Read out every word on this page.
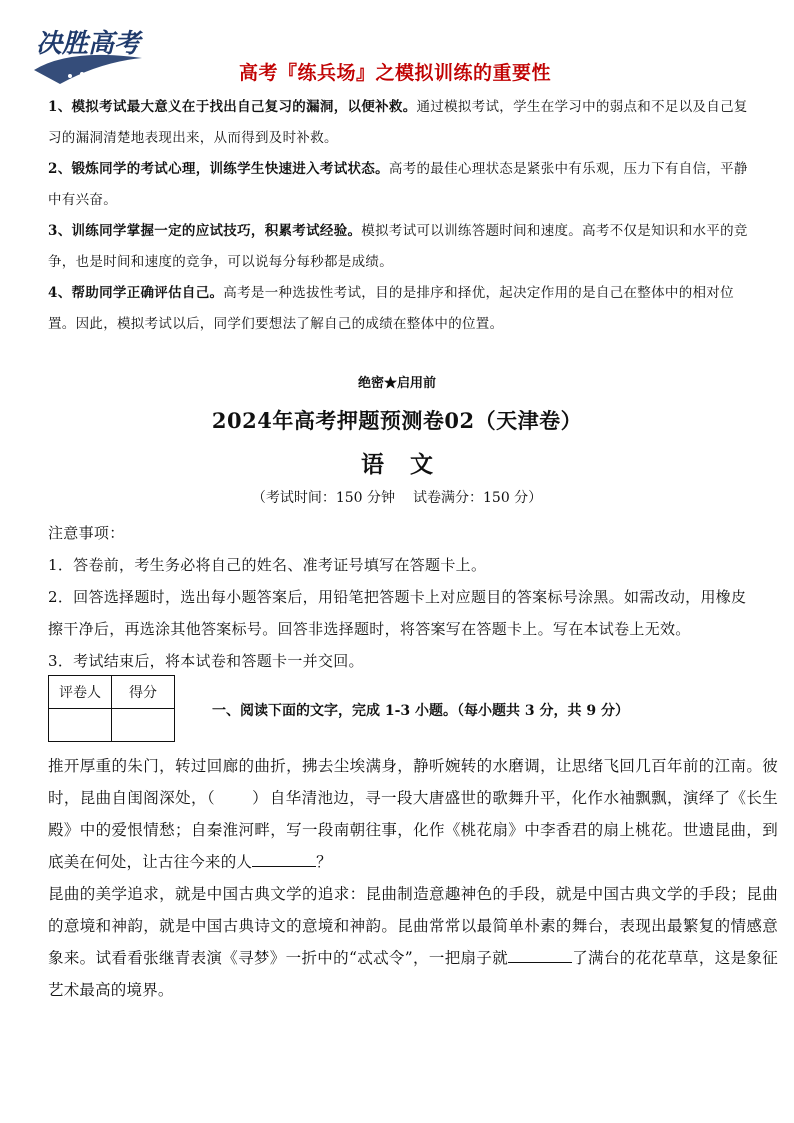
决胜高考
高考『练兵场』之模拟训练的重要性

1、模拟考试最大意义在于找出自己复习的漏洞，以便补救。通过模拟考试，学生在学习中的弱点和不足以及自己复习的漏洞清楚地表现出来，从而得到及时补救。

2、锻炼同学的考试心理，训练学生快速进入考试状态。高考的最佳心理状态是紧张中有乐观，压力下有自信，平静中有兴奋。

3、训练同学掌握一定的应试技巧，积累考试经验。模拟考试可以训练答题时间和速度。高考不仅是知识和水平的竞争，也是时间和速度的竞争，可以说每分每秒都是成绩。

4、帮助同学正确评估自己。高考是一种选拔性考试，目的是排序和择优，起决定作用的是自己在整体中的相对位置。因此，模拟考试以后，同学们要想法了解自己的成绩在整体中的位置。

绝密★启用前
2024年高考押题预测卷02（天津卷）
语 文
（考试时间：150 分钟 试卷满分：150 分）

注意事项：

1．答卷前，考生务必将自己的姓名、准考证号填写在答题卡上。

2．回答选择题时，选出每小题答案后，用铅笔把答题卡上对应题目的答案标号涂黑。如需改动，用橡皮擦干净后，再选涂其他答案标号。回答非选择题时，将答案写在答题卡上。写在本试卷上无效。

3．考试结束后，将本试卷和答题卡一并交回。

评卷人	得分

一、阅读下面的文字，完成 1-3 小题。（每小题共 3 分，共 9 分）

推开厚重的朱门，转过回廊的曲折，拂去尘埃满身，静听婉转的水磨调，让思绪飞回几百年前的江南。彼时，昆曲自闺阁深处，（　　）自华清池边，寻一段大唐盛世的歌舞升平，化作水袖飘飘，演绎了《长生殿》中的爱恨情愁；自秦淮河畔，写一段南朝往事，化作《桃花扇》中李香君的扇上桃花。世遗昆曲，到底美在何处，让古往今来的人	？

昆曲的美学追求，就是中国古典文学的追求：昆曲制造意趣神色的手段，就是中国古典文学的手段；昆曲的意境和神韵，就是中国古典诗文的意境和神韵。昆曲常常以最简单朴素的舞台，表现出最繁复的情感意象来。试看看张继青表演《寻梦》一折中的“忒忒令”，一把扇子就	了满台的花花草草，这是象征艺术最高的境界。
